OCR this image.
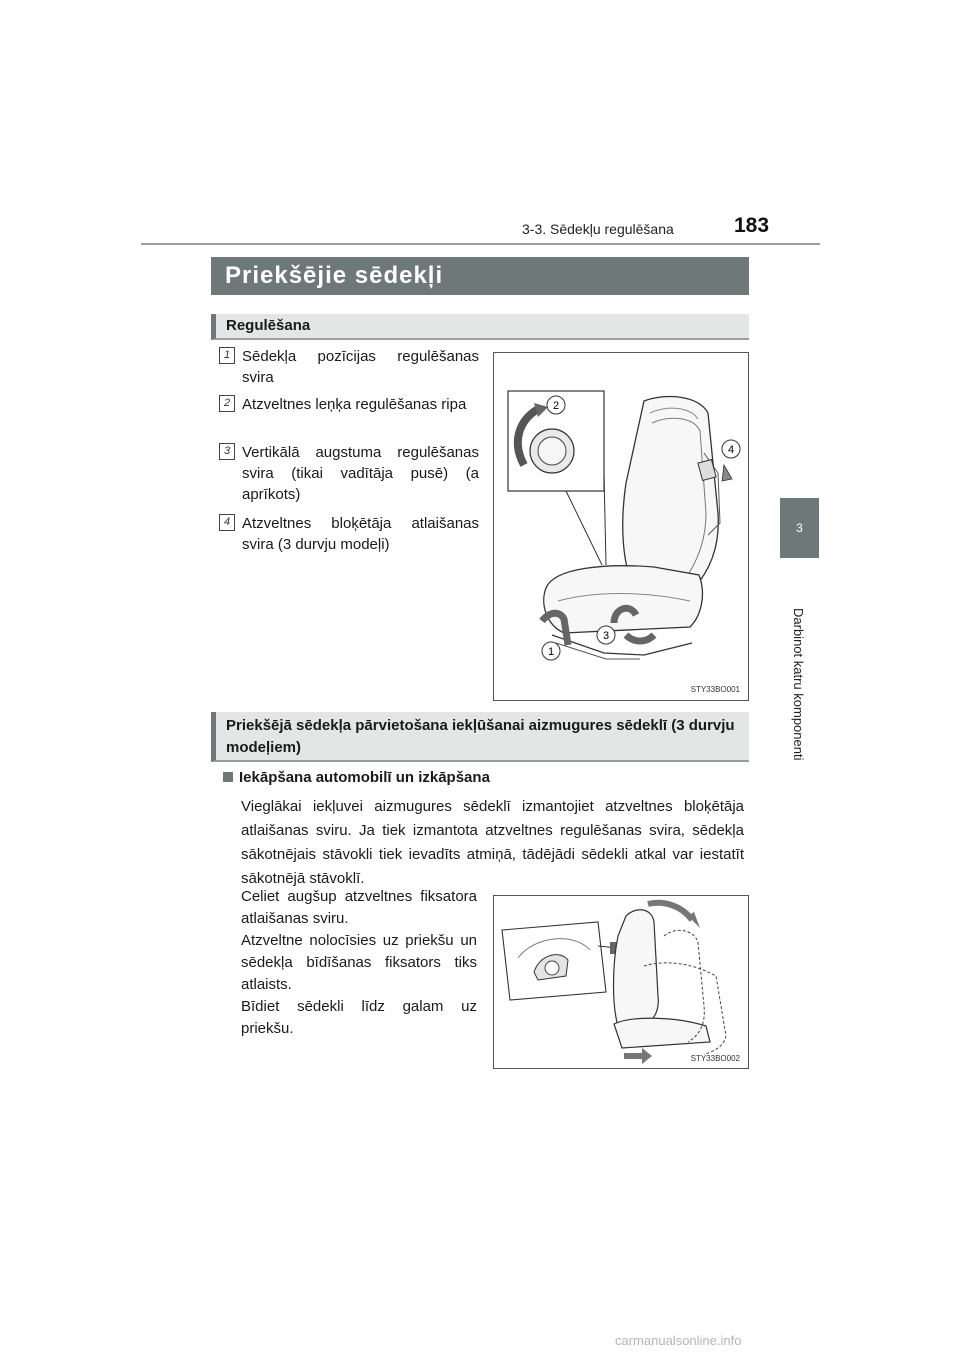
3-3. Sēdekļu regulēšana	183
3
Darbinot katru komponenti
Priekšējie sēdekļi
Regulēšana
1 Sēdekļa pozīcijas regulēšanas svira
2 Atzveltnes leņķa regulēšanas ripa
3 Vertikālā augstuma regulēšanas svira (tikai vadītāja pusē) (a aprīkots)
4 Atzveltnes bloķētāja atlaišanas svira (3 durvju modeļi)
2
4
3
1
STY33BO001
Priekšējā sēdekļa pārvietošana iekļūšanai aizmugures sēdeklī (3 durvju modeļiem)
Iekāpšana automobilī un izkāpšana
Vieglākai iekļuvei aizmugures sēdeklī izmantojiet atzveltnes bloķētāja atlaišanas sviru. Ja tiek izmantota atzveltnes regulēšanas svira, sēdekļa sākotnējais stāvokli tiek ievadīts atmiņā, tādējādi sēdekli atkal var iestatīt sākotnējā stāvoklī.
Celiet augšup atzveltnes fiksatora atlaišanas sviru.
Atzveltne nolocīsies uz priekšu un sēdekļa bīdīšanas fiksators tiks atlaists.
Bīdiet sēdekli līdz galam uz priekšu.
STY33BO002
carmanualsonline.info
